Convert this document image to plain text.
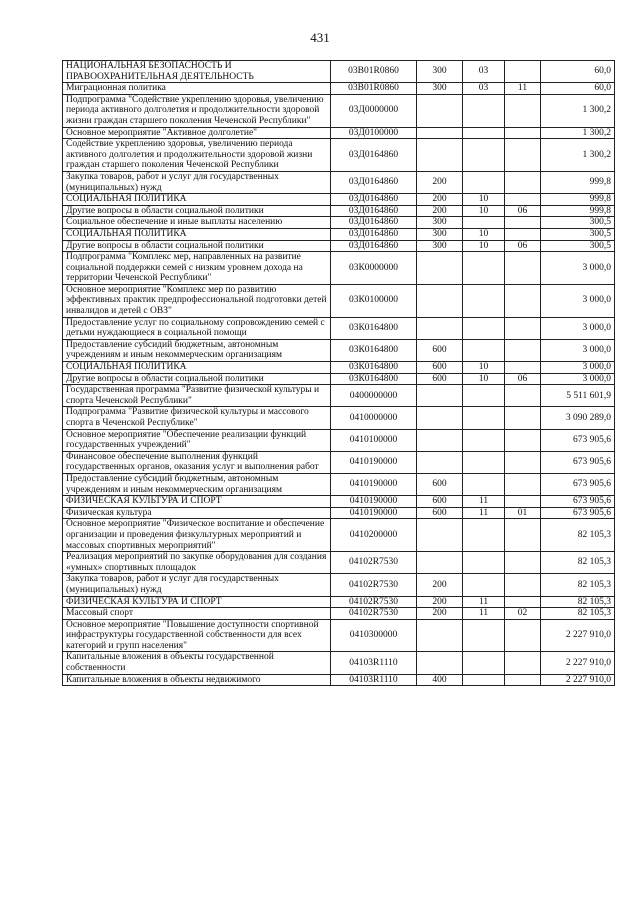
431
НАЦИОНАЛЬНАЯ БЕЗОПАСНОСТЬ И ПРАВООХРАНИТЕЛЬНАЯ ДЕЯТЕЛЬНОСТЬ	03В01R0860	300	03		60,0
Миграционная политика	03В01R0860	300	03	11	60,0
Подпрограмма "Содействие укреплению здоровья, увеличению периода активного долголетия и продолжительности здоровой жизни граждан старшего поколения Чеченской Республики"	03Д0000000				1 300,2
Основное мероприятие "Активное долголетие"	03Д0100000				1 300,2
Содействие укреплению здоровья, увеличению периода активного долголетия и продолжительности здоровой жизни граждан старшего поколения Чеченской Республики	03Д0164860				1 300,2
Закупка товаров, работ и услуг для государственных (муниципальных) нужд	03Д0164860	200			999,8
СОЦИАЛЬНАЯ ПОЛИТИКА	03Д0164860	200	10		999,8
Другие вопросы в области социальной политики	03Д0164860	200	10	06	999,8
Социальное обеспечение и иные выплаты населению	03Д0164860	300			300,5
СОЦИАЛЬНАЯ ПОЛИТИКА	03Д0164860	300	10		300,5
Другие вопросы в области социальной политики	03Д0164860	300	10	06	300,5
Подпрограмма "Комплекс мер, направленных на развитие социальной поддержки семей с низким уровнем дохода на территории Чеченской Республики"	03К0000000				3 000,0
Основное мероприятие "Комплекс мер по развитию эффективных практик предпрофессиональной подготовки детей инвалидов и детей с ОВЗ"	03К0100000				3 000,0
Предоставление услуг по социальному сопровождению семей с детьми нуждающиеся в социальной помощи	03К0164800				3 000,0
Предоставление субсидий бюджетным, автономным учреждениям и иным некоммерческим организациям	03К0164800	600			3 000,0
СОЦИАЛЬНАЯ ПОЛИТИКА	03К0164800	600	10		3 000,0
Другие вопросы в области социальной политики	03К0164800	600	10	06	3 000,0
Государственная программа "Развитие физической культуры и спорта Чеченской Республики"	0400000000				5 511 601,9
Подпрограмма "Развитие физической культуры и массового спорта в Чеченской Республике"	0410000000				3 090 289,0
Основное мероприятие "Обеспечение реализации функций государственных учреждений"	0410100000				673 905,6
Финансовое обеспечение выполнения функций государственных органов, оказания услуг и выполнения работ	0410190000				673 905,6
Предоставление субсидий бюджетным, автономным учреждениям и иным некоммерческим организациям	0410190000	600			673 905,6
ФИЗИЧЕСКАЯ КУЛЬТУРА И СПОРТ	0410190000	600	11		673 905,6
Физическая культура	0410190000	600	11	01	673 905,6
Основное мероприятие "Физическое воспитание и обеспечение организации и проведения физкультурных мероприятий и массовых спортивных мероприятий"	0410200000				82 105,3
Реализация мероприятий по закупке оборудования для создания «умных» спортивных площадок	04102R7530				82 105,3
Закупка товаров, работ и услуг для государственных (муниципальных) нужд	04102R7530	200			82 105,3
ФИЗИЧЕСКАЯ КУЛЬТУРА И СПОРТ	04102R7530	200	11		82 105,3
Массовый спорт	04102R7530	200	11	02	82 105,3
Основное мероприятие "Повышение доступности спортивной инфраструктуры государственной собственности для всех категорий и групп населения"	0410300000				2 227 910,0
Капитальные вложения в объекты государственной собственности	04103R1110				2 227 910,0
Капитальные вложения в объекты недвижимого	04103R1110	400			2 227 910,0
